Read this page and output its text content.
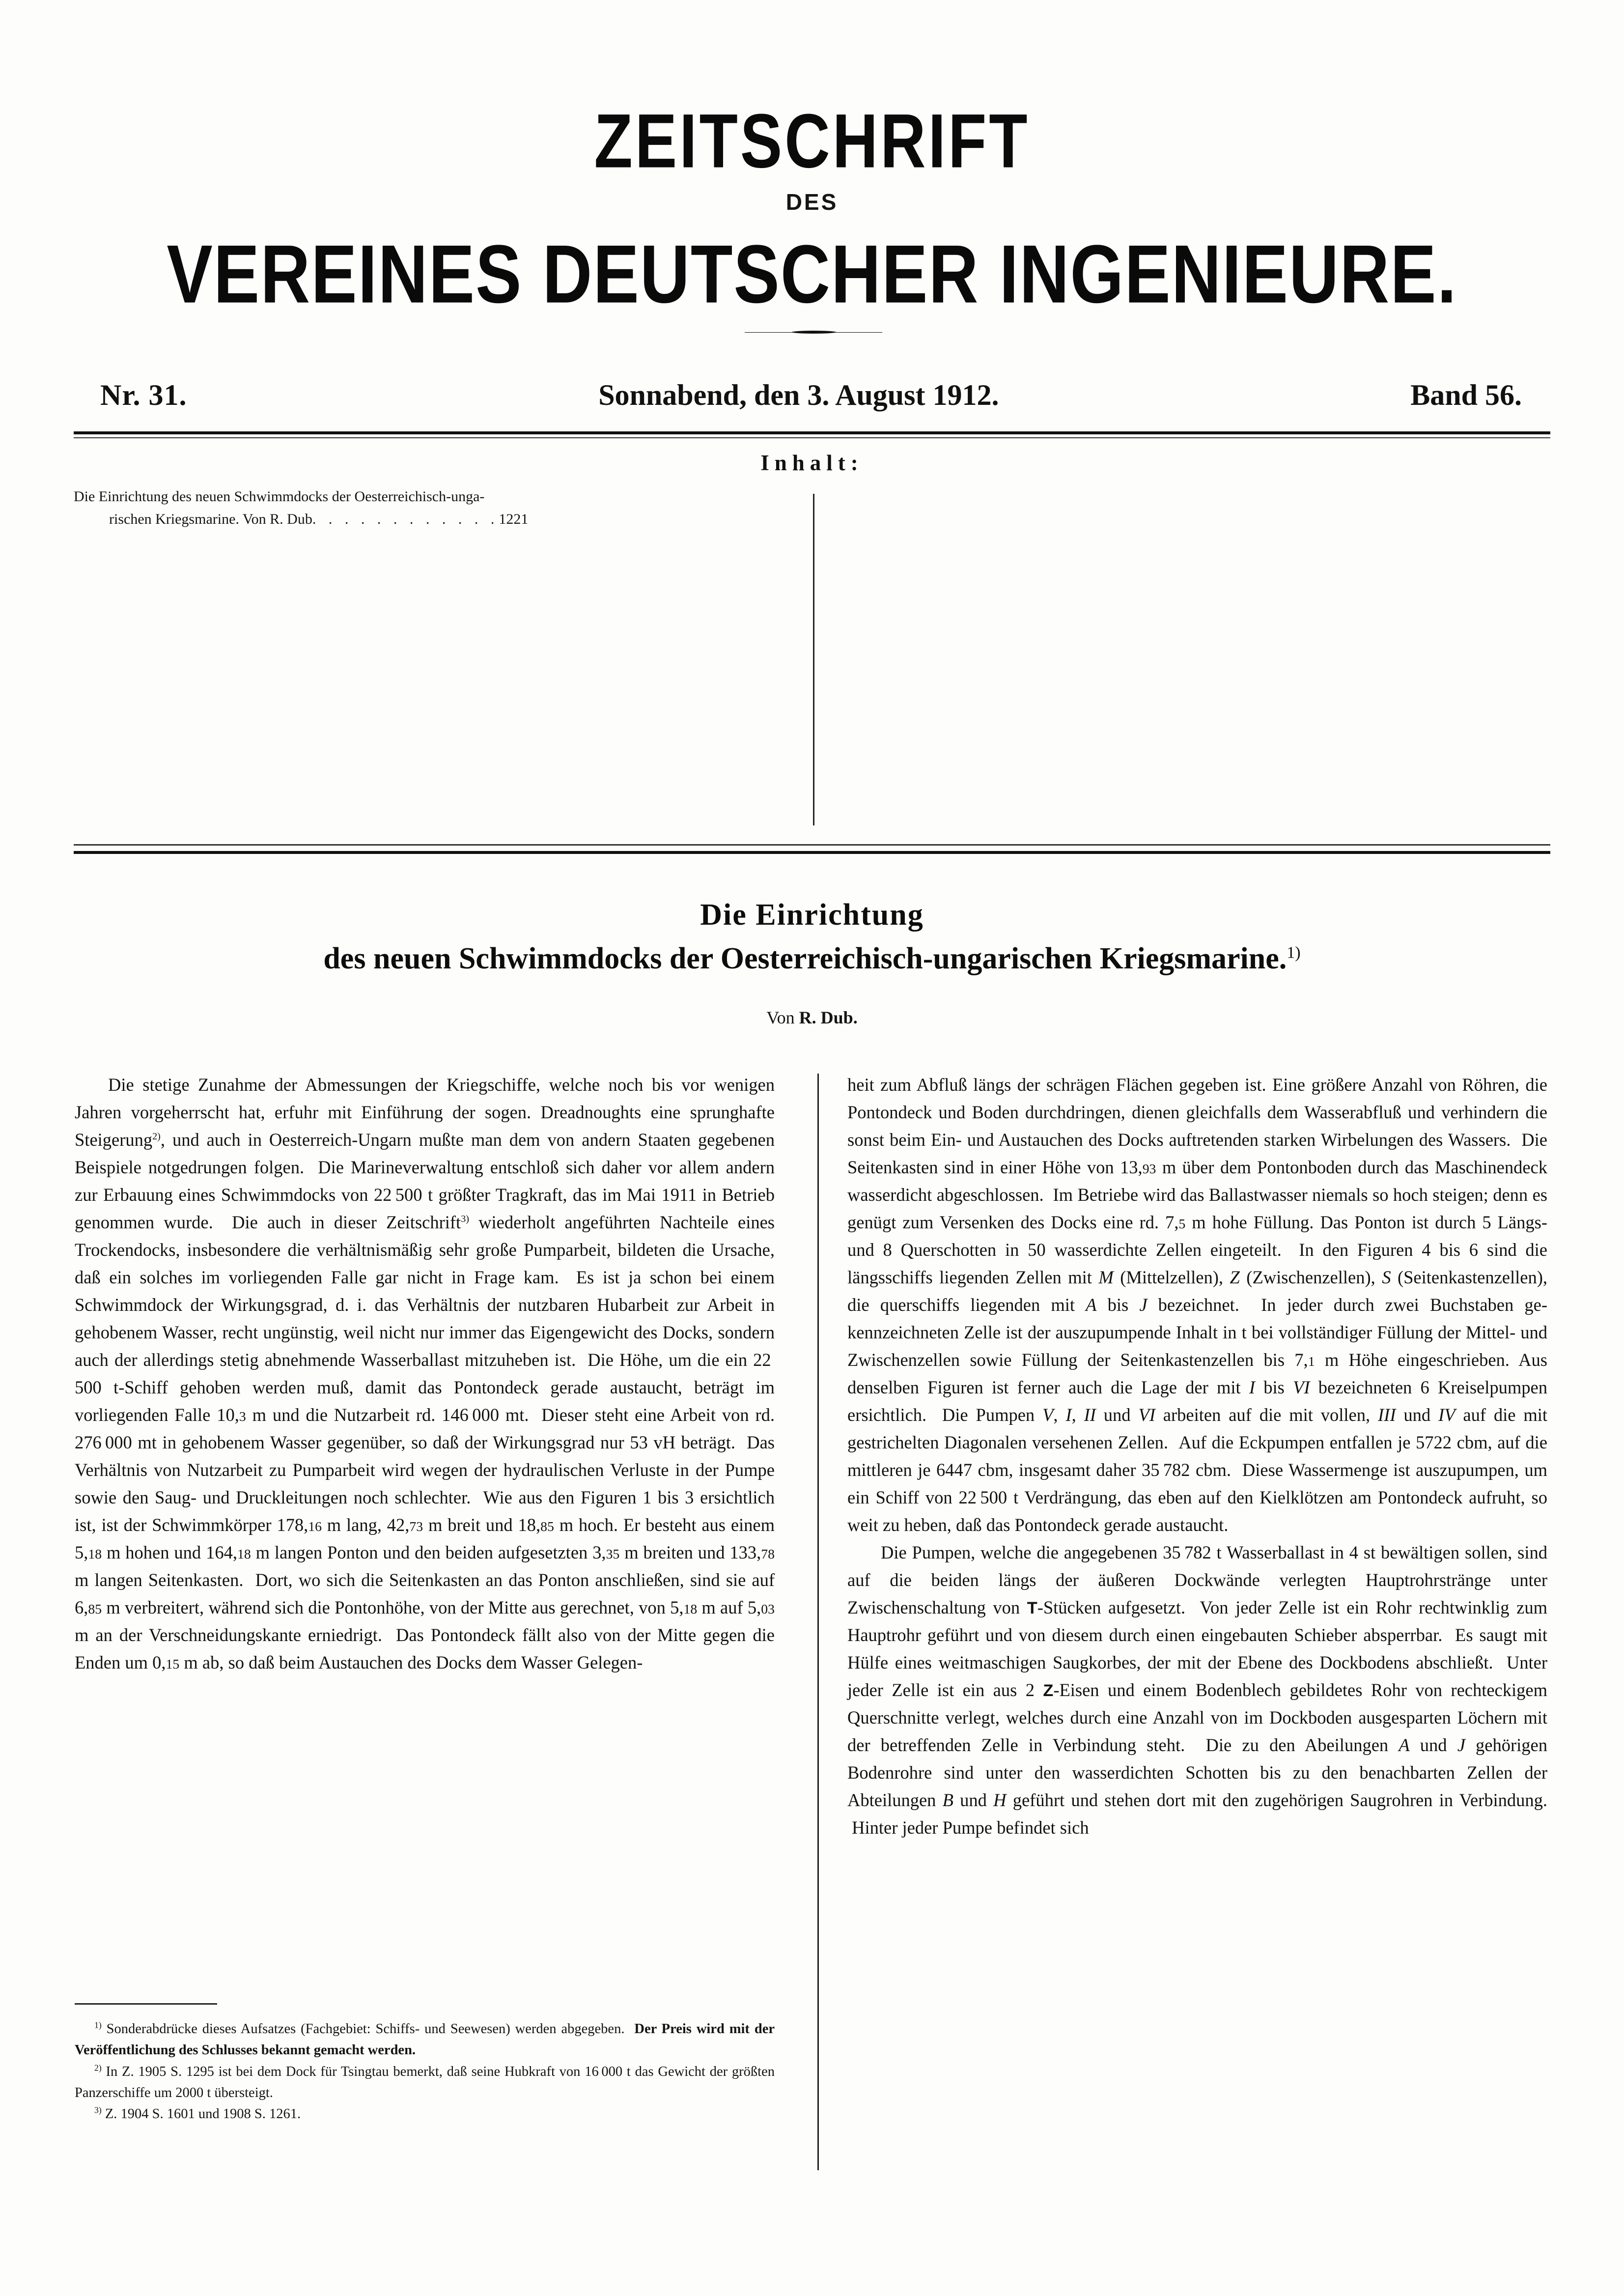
ZEITSCHRIFT
DES
VEREINES DEUTSCHER INGENIEURE.
Nr. 31.	Sonnabend, den 3. August 1912.	Band 56.
Inhalt:
Die Einrichtung des neuen Schwimmdocks der Oesterreichisch-unga-
rischen Kriegsmarine. Von R. Dub. . . . . . . . . . . .1221
Die Einrichtung
des neuen Schwimmdocks der Oesterreichisch-ungarischen Kriegsmarine.$^{1)}$
Von R. Dub.

Die stetige Zunahme der Abmessungen der Kriegschiffe, welche noch bis vor wenigen Jahren vorgeherrscht hat, erfuhr mit Einführung der sogen. Dreadnoughts eine sprunghafte Steigerung$^{2)}$, und auch in Oesterreich-Ungarn mußte man dem von andern Staaten gegebenen Beispiele notgedrungen folgen.  Die Marineverwaltung entschloß sich daher vor allem andern zur Erbauung eines Schwimmdocks von 22 500 t größter Tragkraft, das im Mai 1911 in Betrieb genommen wurde.  Die auch in dieser Zeitschrift$^{3)}$ wiederholt angeführten Nachteile eines Trockendocks, insbesondere die verhältnismäßig sehr große Pumparbeit, bildeten die Ursache, daß ein solches im vorliegenden Falle gar nicht in Frage kam.  Es ist ja schon bei einem Schwimmdock der Wirkungsgrad, d. i. das Verhältnis der nutzbaren Hubarbeit zur Arbeit in gehobenem Wasser, recht ungünstig, weil nicht nur immer das Eigengewicht des Docks, sondern auch der allerdings stetig abnehmende Wasserballast mitzuheben ist.  Die Höhe, um die ein 22 500 t-Schiff gehoben werden muß, damit das Pontondeck gerade austaucht, beträgt im vorliegenden Falle 10,3 m und die Nutzarbeit rd. 146 000 mt.  Dieser steht eine Arbeit von rd. 276 000 mt in gehobenem Wasser gegenüber, so daß der Wirkungsgrad nur 53 vH beträgt.  Das Verhältnis von Nutzarbeit zu Pumparbeit wird wegen der hydraulischen Verluste in der Pumpe sowie den Saug- und Druckleitungen noch schlechter.  Wie aus den Figuren 1 bis 3 ersichtlich ist, ist der Schwimmkörper 178,16 m lang, 42,73 m breit und 18,85 m hoch. Er besteht aus einem 5,18 m hohen und 164,18 m langen Ponton und den beiden aufgesetzten 3,35 m breiten und 133,78 m langen Seitenkasten.  Dort, wo sich die Seitenkasten an das Ponton anschließen, sind sie auf 6,85 m verbreitert, während sich die Pontonhöhe, von der Mitte aus gerechnet, von 5,18 m auf 5,03 m an der Verschneidungskante erniedrigt.  Das Pontondeck fällt also von der Mitte gegen die Enden um 0,15 m ab, so daß beim Austauchen des Docks dem Wasser Gelegen-

heit zum Abfluß längs der schrägen Flächen gegeben ist. Eine größere Anzahl von Röhren, die Pontondeck und Boden durchdringen, dienen gleichfalls dem Wasserabfluß und verhindern die sonst beim Ein- und Austauchen des Docks auftretenden starken Wirbelungen des Wassers.  Die Seitenkasten sind in einer Höhe von 13,93 m über dem Pontonboden durch das Maschinendeck wasserdicht abgeschlossen.  Im Betriebe wird das Ballastwasser niemals so hoch steigen; denn es genügt zum Versenken des Docks eine rd. 7,5 m hohe Füllung. Das Ponton ist durch 5 Längs- und 8 Querschotten in 50 wasserdichte Zellen eingeteilt.  In den Figuren 4 bis 6 sind die längsschiffs liegenden Zellen mit M (Mittelzellen), Z (Zwischenzellen), S (Seitenkastenzellen), die querschiffs liegenden mit A bis J bezeichnet.  In jeder durch zwei Buchstaben gekennzeichneten Zelle ist der auszupumpende Inhalt in t bei vollständiger Füllung der Mittel- und Zwischenzellen sowie Füllung der Seitenkastenzellen bis 7,1 m Höhe eingeschrieben. Aus denselben Figuren ist ferner auch die Lage der mit I bis VI bezeichneten 6 Kreiselpumpen ersichtlich.  Die Pumpen V, I, II und VI arbeiten auf die mit vollen, III und IV auf die mit gestrichelten Diagonalen versehenen Zellen.  Auf die Eckpumpen entfallen je 5722 cbm, auf die mittleren je 6447 cbm, insgesamt daher 35 782 cbm.  Diese Wassermenge ist auszupumpen, um ein Schiff von 22 500 t Verdrängung, das eben auf den Kielklötzen am Pontondeck aufruht, so weit zu heben, daß das Pontondeck gerade austaucht.

Die Pumpen, welche die angegebenen 35 782 t Wasserballast in 4 st bewältigen sollen, sind auf die beiden längs der äußeren Dockwände verlegten Hauptrohrstränge unter Zwischenschaltung von T-Stücken aufgesetzt.  Von jeder Zelle ist ein Rohr rechtwinklig zum Hauptrohr geführt und von diesem durch einen eingebauten Schieber absperrbar.  Es saugt mit Hülfe eines weitmaschigen Saugkorbes, der mit der Ebene des Dockbodens abschließt.  Unter jeder Zelle ist ein aus 2 Z-Eisen und einem Bodenblech gebildetes Rohr von rechteckigem Querschnitte verlegt, welches durch eine Anzahl von im Dockboden ausgesparten Löchern mit der betreffenden Zelle in Verbindung steht.  Die zu den Abeilungen A und J gehörigen Bodenrohre sind unter den wasserdichten Schotten bis zu den benachbarten Zellen der Abteilungen B und H geführt und stehen dort mit den zugehörigen Saugrohren in Verbindung.  Hinter jeder Pumpe befindet sich

$^{1)}$ Sonderabdrücke dieses Aufsatzes (Fachgebiet: Schiffs- und Seewesen) werden abgegeben.  Der Preis wird mit der Veröffentlichung des Schlusses bekannt gemacht werden.

$^{2)}$ In Z. 1905 S. 1295 ist bei dem Dock für Tsingtau bemerkt, daß seine Hubkraft von 16 000 t das Gewicht der größten Panzerschiffe um 2000 t übersteigt.

$^{3)}$ Z. 1904 S. 1601 und 1908 S. 1261.
